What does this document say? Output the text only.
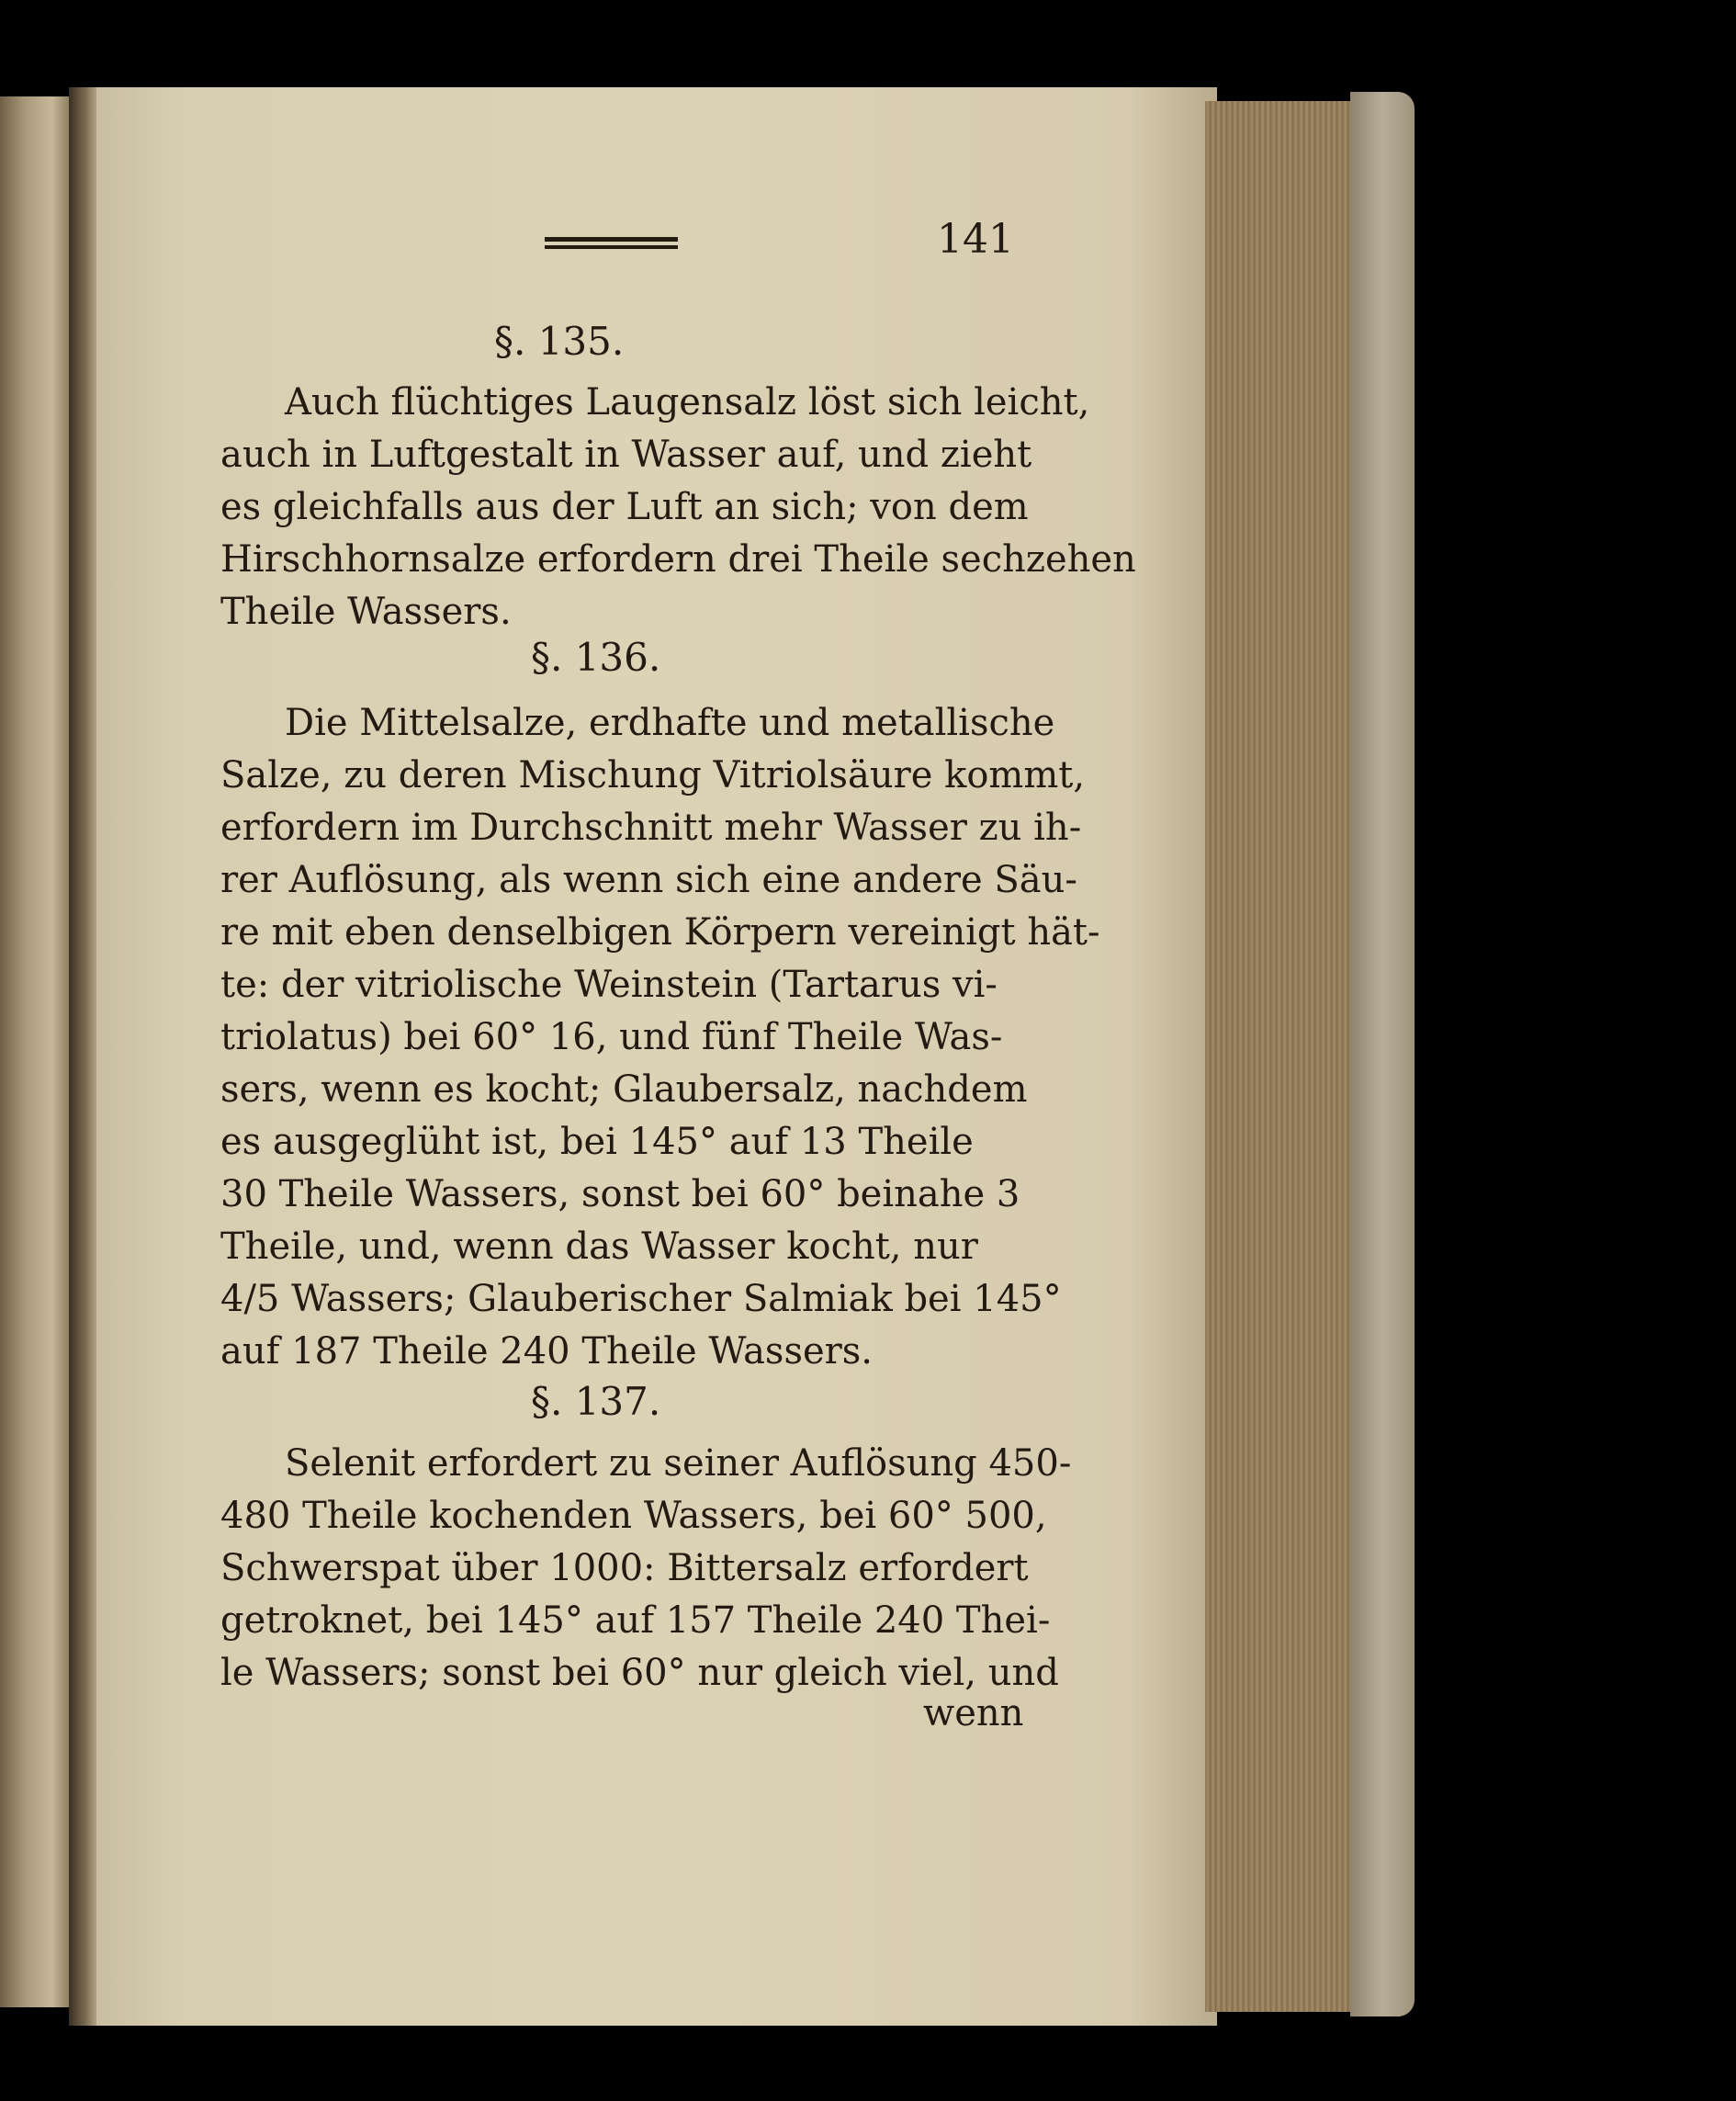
141
§. 135.
Auch flüchtiges Laugensalz löst sich leicht,
auch in Luftgestalt in Wasser auf, und zieht
es gleichfalls aus der Luft an sich; von dem
Hirschhornsalze erfordern drei Theile sechzehen
Theile Wassers.
§. 136.
Die Mittelsalze, erdhafte und metallische
Salze, zu deren Mischung Vitriolsäure kommt,
erfordern im Durchschnitt mehr Wasser zu ih-
rer Auflösung, als wenn sich eine andere Säu-
re mit eben denselbigen Körpern vereinigt hät-
te: der vitriolische Weinstein (Tartarus vi-
triolatus) bei 60° 16, und fünf Theile Was-
sers, wenn es kocht; Glaubersalz, nachdem
es ausgeglüht ist, bei 145° auf 13 Theile
30 Theile Wassers, sonst bei 60° beinahe 3
Theile, und, wenn das Wasser kocht, nur
4/5 Wassers; Glauberischer Salmiak bei 145°
auf 187 Theile 240 Theile Wassers.
§. 137.
Selenit erfordert zu seiner Auflösung 450-
480 Theile kochenden Wassers, bei 60° 500,
Schwerspat über 1000: Bittersalz erfordert
getroknet, bei 145° auf 157 Theile 240 Thei-
le Wassers; sonst bei 60° nur gleich viel, und
wenn
